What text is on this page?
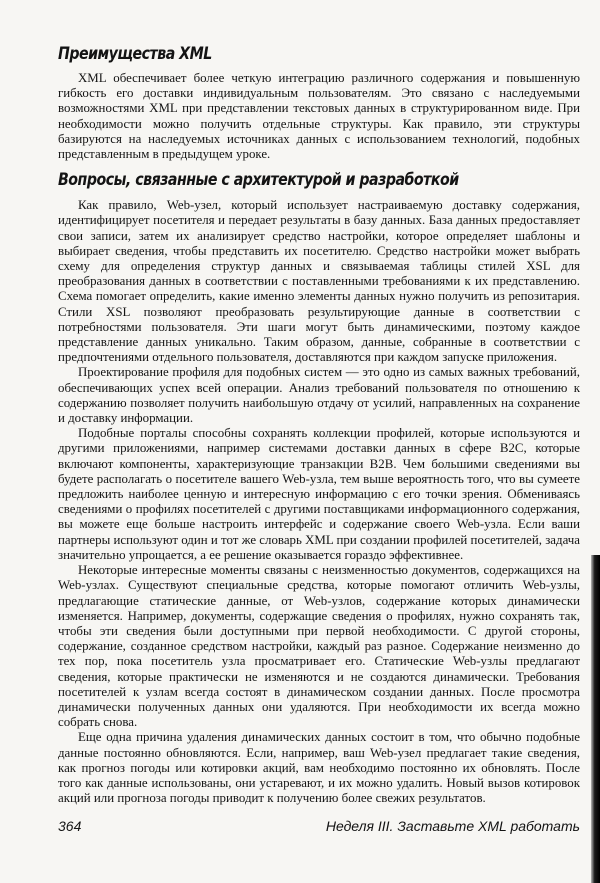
Преимущества XML

XML обеспечивает более четкую интеграцию различного содержания и повышенную гибкость его доставки индивидуальным пользователям. Это связано с наследуемыми возможностями XML при представлении текстовых данных в структурированном виде. При необходимости можно получить отдельные структуры. Как правило, эти структуры базируются на наследуемых источниках данных с использованием технологий, подобных представленным в предыдущем уроке.

Вопросы, связанные с архитектурой и разработкой

Как правило, Web-узел, который использует настраиваемую доставку содержания, идентифицирует посетителя и передает результаты в базу данных. База данных предоставляет свои записи, затем их анализирует средство настройки, которое определяет шаблоны и выбирает сведения, чтобы представить их посетителю. Средство настройки может выбрать схему для определения структур данных и связываемая таблицы стилей XSL для преобразования данных в соответствии с поставленными требованиями к их представлению. Схема помогает определить, какие именно элементы данных нужно получить из репозитария. Стили XSL позволяют преобразовать результирующие данные в соответствии с потребностями пользователя. Эти шаги могут быть динамическими, поэтому каждое представление данных уникально. Таким образом, данные, собранные в соответствии с предпочтениями отдельного пользователя, доставляются при каждом запуске приложения.

Проектирование профиля для подобных систем — это одно из самых важных требований, обеспечивающих успех всей операции. Анализ требований пользователя по отношению к содержанию позволяет получить наибольшую отдачу от усилий, направленных на сохранение и доставку информации.

Подобные порталы способны сохранять коллекции профилей, которые используются и другими приложениями, например системами доставки данных в сфере B2C, которые включают компоненты, характеризующие транзакции B2B. Чем большими сведениями вы будете располагать о посетителе вашего Web-узла, тем выше вероятность того, что вы сумеете предложить наиболее ценную и интересную информацию с его точки зрения. Обмениваясь сведениями о профилях посетителей с другими поставщиками информационного содержания, вы можете еще больше настроить интерфейс и содержание своего Web-узла. Если ваши партнеры используют один и тот же словарь XML при создании профилей посетителей, задача значительно упрощается, а ее решение оказывается гораздо эффективнее.

Некоторые интересные моменты связаны с неизменностью документов, содержащихся на Web-узлах. Существуют специальные средства, которые помогают отличить Web-узлы, предлагающие статические данные, от Web-узлов, содержание которых динамически изменяется. Например, документы, содержащие сведения о профилях, нужно сохранять так, чтобы эти сведения были доступными при первой необходимости. С другой стороны, содержание, созданное средством настройки, каждый раз разное. Содержание неизменно до тех пор, пока посетитель узла просматривает его. Статические Web-узлы предлагают сведения, которые практически не изменяются и не создаются динамически. Требования посетителей к узлам всегда состоят в динамическом создании данных. После просмотра динамически полученных данных они удаляются. При необходимости их всегда можно собрать снова.

Еще одна причина удаления динамических данных состоит в том, что обычно подобные данные постоянно обновляются. Если, например, ваш Web-узел предлагает такие сведения, как прогноз погоды или котировки акций, вам необходимо постоянно их обновлять. После того как данные использованы, они устаревают, и их можно удалить. Новый вызов котировок акций или прогноза погоды приводит к получению более свежих результатов.

364	Неделя III. Заставьте XML работать
